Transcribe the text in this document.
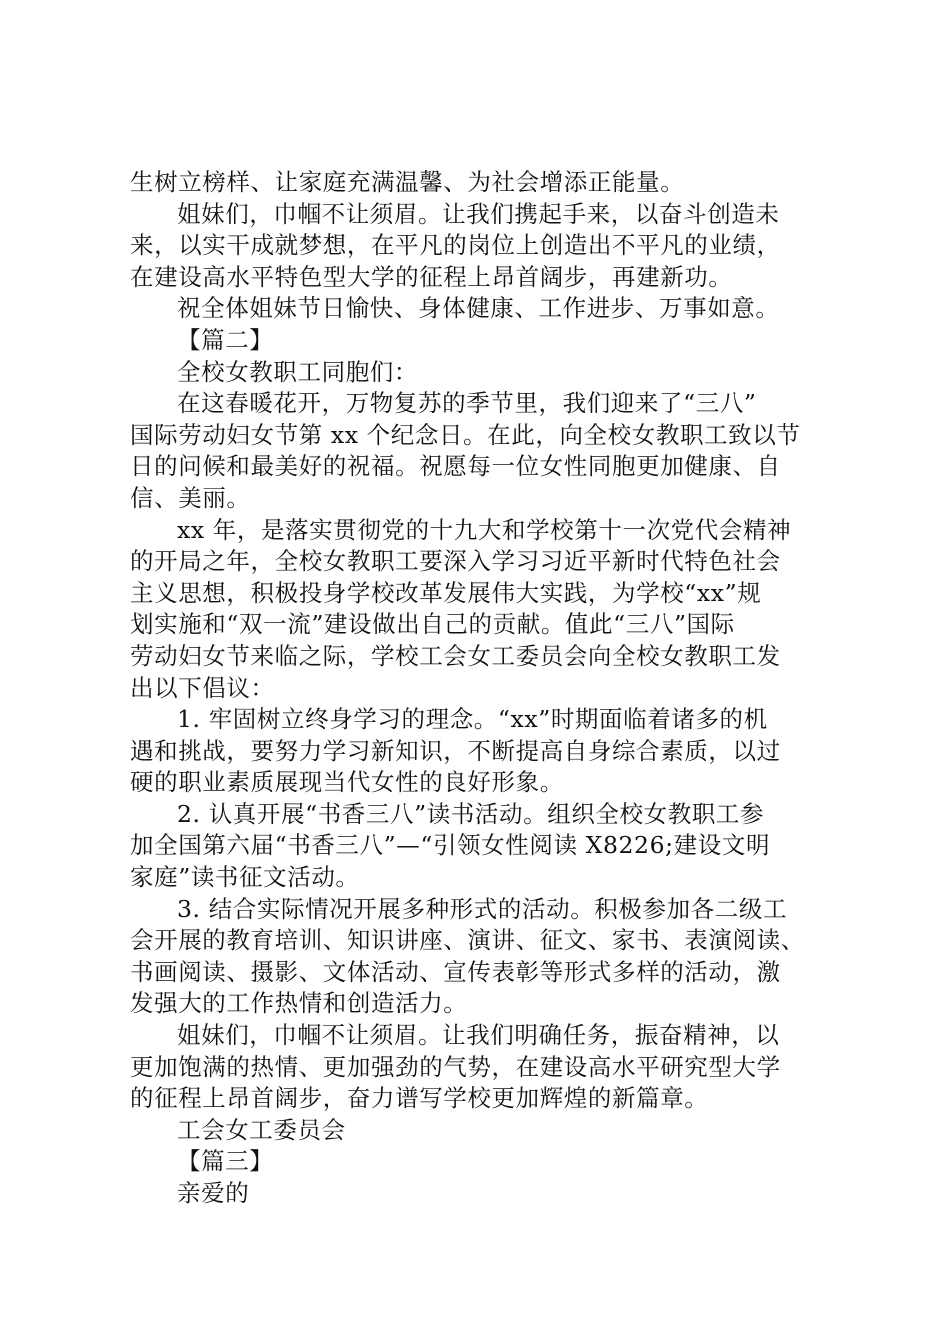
生树立榜样、让家庭充满温馨、为社会增添正能量。

姐妹们，巾帼不让须眉。让我们携起手来，以奋斗创造未
来，以实干成就梦想，在平凡的岗位上创造出不平凡的业绩，
在建设高水平特色型大学的征程上昂首阔步，再建新功。

祝全体姐妹节日愉快、身体健康、工作进步、万事如意。

【篇二】

全校女教职工同胞们：

在这春暖花开，万物复苏的季节里，我们迎来了“三八”
国际劳动妇女节第 xx 个纪念日。在此，向全校女教职工致以节
日的问候和最美好的祝福。祝愿每一位女性同胞更加健康、自
信、美丽。

xx 年，是落实贯彻党的十九大和学校第十一次党代会精神
的开局之年，全校女教职工要深入学习习近平新时代特色社会
主义思想，积极投身学校改革发展伟大实践，为学校“xx”规
划实施和“双一流”建设做出自己的贡献。值此“三八”国际
劳动妇女节来临之际，学校工会女工委员会向全校女教职工发
出以下倡议：

1. 牢固树立终身学习的理念。“xx”时期面临着诸多的机
遇和挑战，要努力学习新知识，不断提高自身综合素质，以过
硬的职业素质展现当代女性的良好形象。

2. 认真开展“书香三八”读书活动。组织全校女教职工参
加全国第六届“书香三八”—“引领女性阅读 X8226;建设文明
家庭”读书征文活动。

3. 结合实际情况开展多种形式的活动。积极参加各二级工
会开展的教育培训、知识讲座、演讲、征文、家书、表演阅读、
书画阅读、摄影、文体活动、宣传表彰等形式多样的活动，激
发强大的工作热情和创造活力。

姐妹们，巾帼不让须眉。让我们明确任务，振奋精神，以
更加饱满的热情、更加强劲的气势，在建设高水平研究型大学
的征程上昂首阔步，奋力谱写学校更加辉煌的新篇章。

工会女工委员会

【篇三】

亲爱的
